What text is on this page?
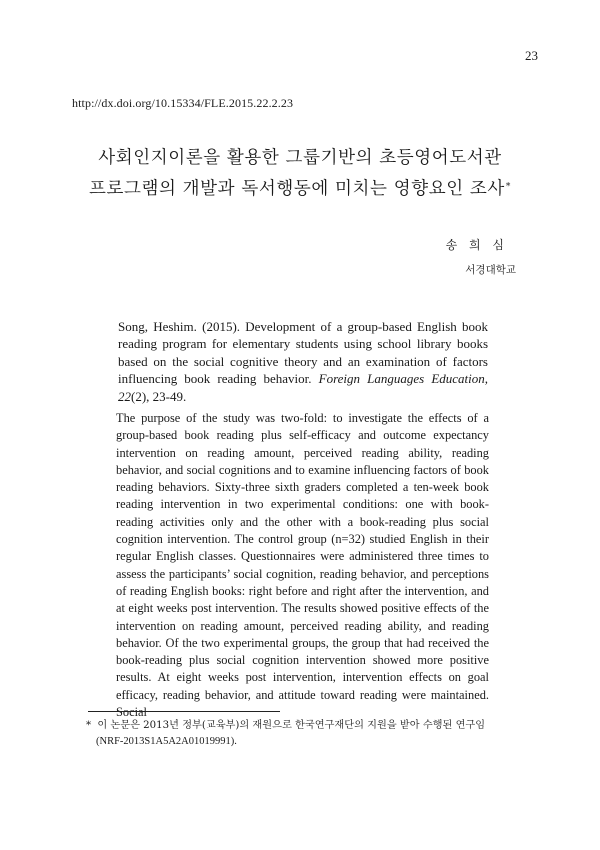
23
http://dx.doi.org/10.15334/FLE.2015.22.2.23
사회인지이론을 활용한 그룹기반의 초등영어도서관
프로그램의 개발과 독서행동에 미치는 영향요인 조사*
송 희 심
서경대학교
Song, Heshim. (2015). Development of a group-based English book reading program for elementary students using school library books based on the social cognitive theory and an examination of factors influencing book reading behavior. Foreign Languages Education, 22(2), 23-49.

The purpose of the study was two-fold: to investigate the effects of a group-based book reading plus self-efficacy and outcome expectancy intervention on reading amount, perceived reading ability, reading behavior, and social cognitions and to examine influencing factors of book reading behaviors. Sixty-three sixth graders completed a ten-week book reading intervention in two experimental conditions: one with book-reading activities only and the other with a book-reading plus social cognition intervention. The control group (n=32) studied English in their regular English classes. Questionnaires were administered three times to assess the participants’ social cognition, reading behavior, and perceptions of reading English books: right before and right after the intervention, and at eight weeks post intervention. The results showed positive effects of the intervention on reading amount, perceived reading ability, and reading behavior. Of the two experimental groups, the group that had received the book-reading plus social cognition intervention showed more positive results. At eight weeks post intervention, intervention effects on goal efficacy, reading behavior, and attitude toward reading were maintained. Social

* 이 논문은 2013년 정부(교육부)의 재원으로 한국연구재단의 지원을 받아 수행된 연구임
(NRF-2013S1A5A2A01019991).
